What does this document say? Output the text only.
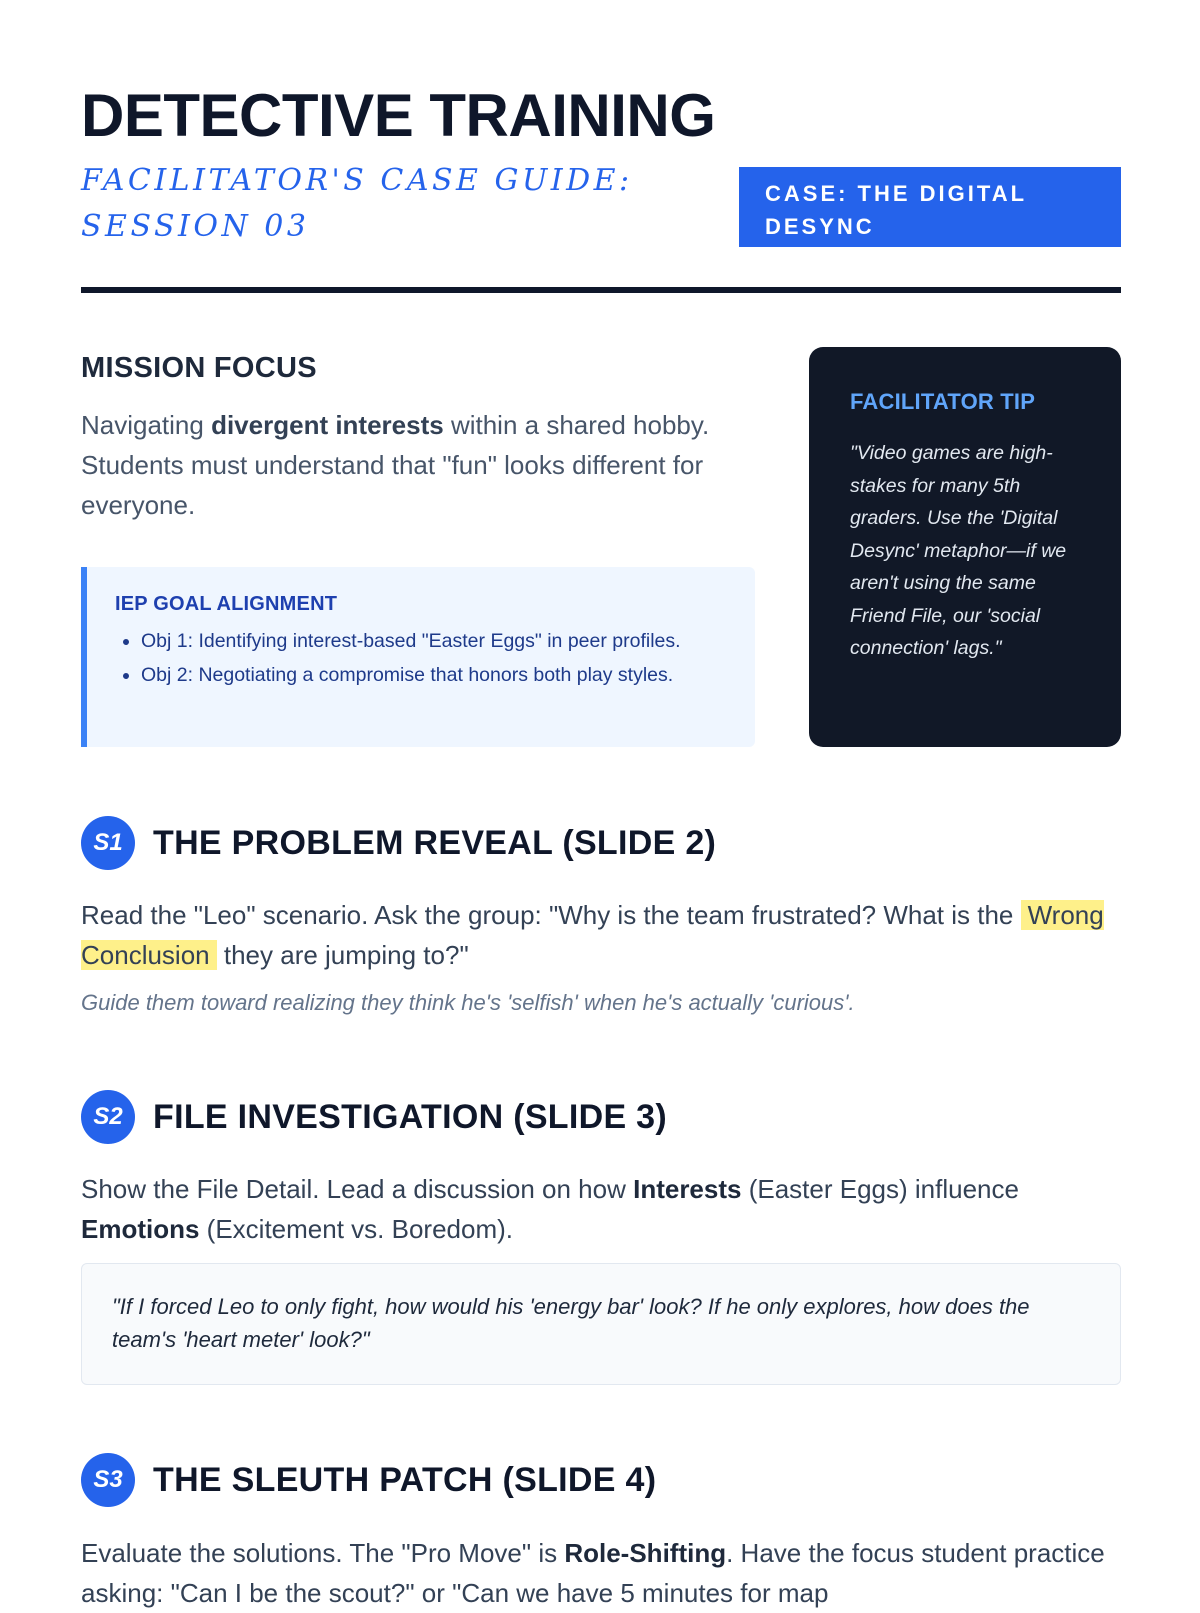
DETECTIVE TRAINING
FACILITATOR'S CASE GUIDE:
SESSION 03
CASE: THE DIGITAL DESYNC
MISSION FOCUS

Navigating divergent interests within a shared hobby. Students must understand that "fun" looks different for everyone.

IEP GOAL ALIGNMENT
• Obj 1: Identifying interest-based "Easter Eggs" in peer profiles.
• Obj 2: Negotiating a compromise that honors both play styles.
FACILITATOR TIP

"Video games are high-stakes for many 5th graders. Use the 'Digital Desync' metaphor—if we aren't using the same Friend File, our 'social connection' lags."

S1 THE PROBLEM REVEAL (SLIDE 2)

Read the "Leo" scenario. Ask the group: "Why is the team frustrated? What is the Wrong Conclusion they are jumping to?"

Guide them toward realizing they think he's 'selfish' when he's actually 'curious'.

S2 FILE INVESTIGATION (SLIDE 3)

Show the File Detail. Lead a discussion on how Interests (Easter Eggs) influence Emotions (Excitement vs. Boredom).

"If I forced Leo to only fight, how would his 'energy bar' look? If he only explores, how does the team's 'heart meter' look?"

S3 THE SLEUTH PATCH (SLIDE 4)

Evaluate the solutions. The "Pro Move" is Role-Shifting. Have the focus student practice asking: "Can I be the scout?" or "Can we have 5 minutes for map
